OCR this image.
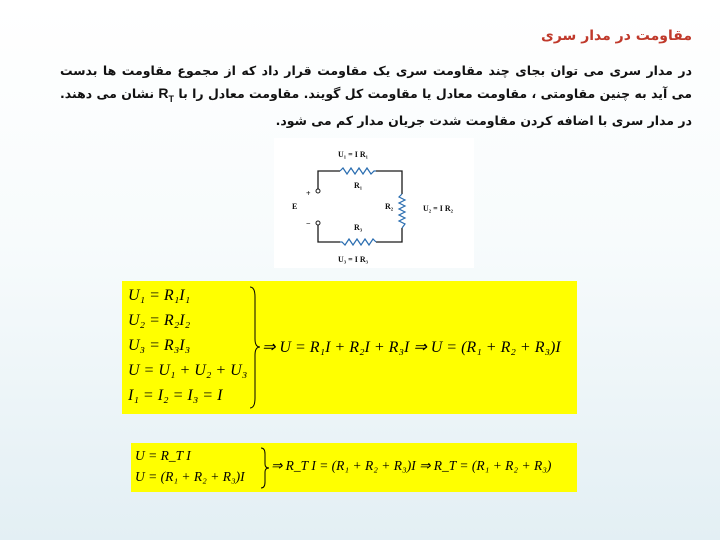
مقاومت در مدار سری
در مدار سری می توان بجای چند مقاومت سری یک مقاومت قرار داد که از مجموع مقاومت ها بدست می آید به چنین مقاومتی ، مقاومت معادل یا مقاومت کل گویند. مقاومت معادل را با $R_T$ نشان می دهند. در مدار سری با اضافه کردن مقاومت شدت جریان مدار کم می شود.
U₁ = I R₁
R₁
R₂	U₂ = I R₂
R₃
U₃ = I R₃
E
+
−
U₁ = R₁I₁
U₂ = R₂I₂
U₃ = R₃I₃
U = U₁ + U₂ + U₃
I₁ = I₂ = I₃ = I
⇒ U = R₁I + R₂I + R₃I ⇒ U = (R₁ + R₂ + R₃)I
U = R_T I
U = (R₁ + R₂ + R₃)I
⇒ R_T I = (R₁ + R₂ + R₃)I ⇒ R_T = (R₁ + R₂ + R₃)
